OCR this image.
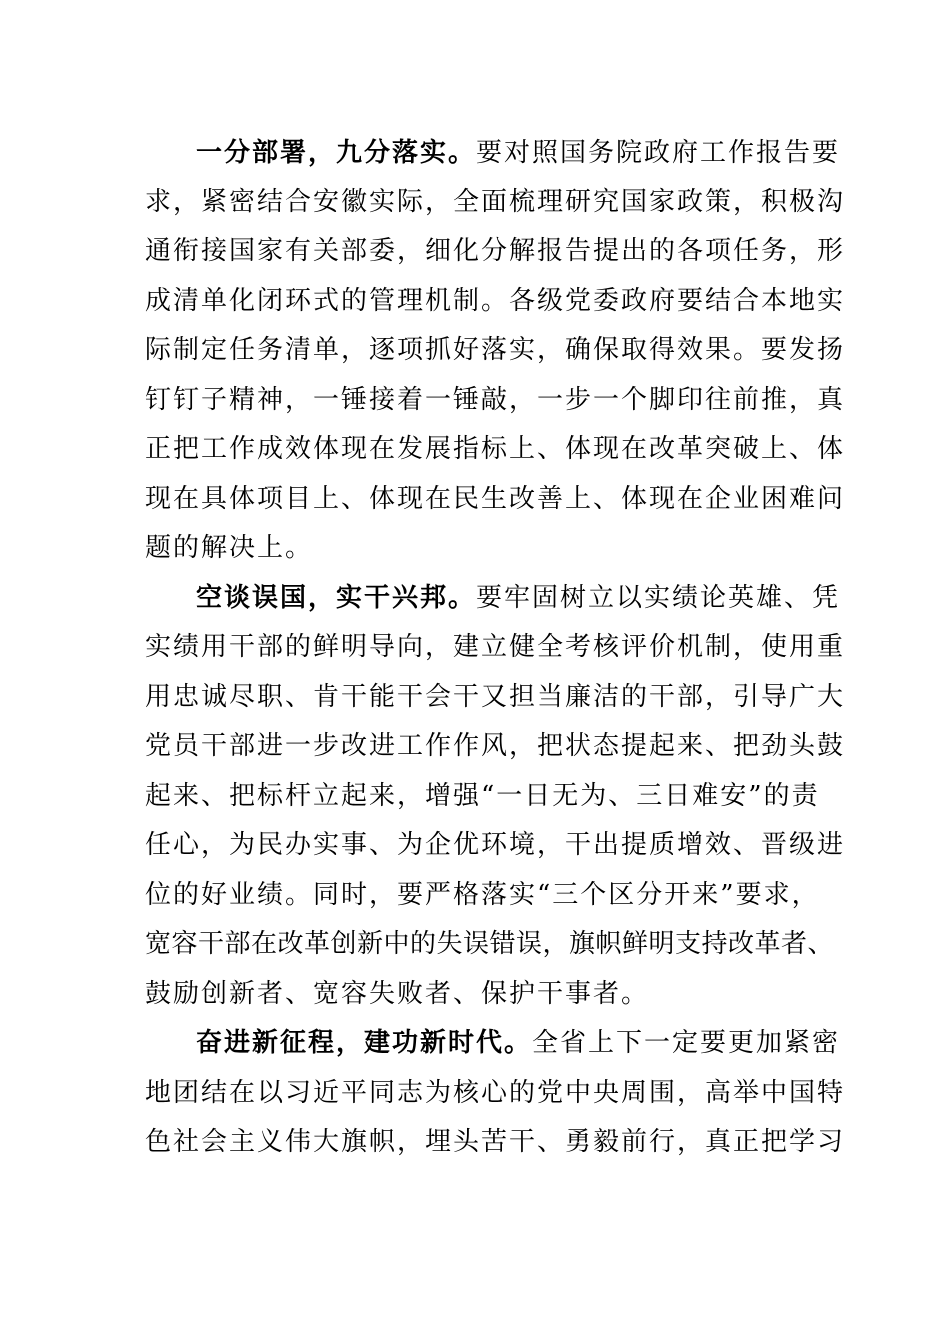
一分部署，九分落实。要对照国务院政府工作报告要
求，紧密结合安徽实际，全面梳理研究国家政策，积极沟
通衔接国家有关部委，细化分解报告提出的各项任务，形
成清单化闭环式的管理机制。各级党委政府要结合本地实
际制定任务清单，逐项抓好落实，确保取得效果。要发扬
钉钉子精神，一锤接着一锤敲，一步一个脚印往前推，真
正把工作成效体现在发展指标上、体现在改革突破上、体
现在具体项目上、体现在民生改善上、体现在企业困难问
题的解决上。
空谈误国，实干兴邦。要牢固树立以实绩论英雄、凭
实绩用干部的鲜明导向，建立健全考核评价机制，使用重
用忠诚尽职、肯干能干会干又担当廉洁的干部，引导广大
党员干部进一步改进工作作风，把状态提起来、把劲头鼓
起来、把标杆立起来，增强“一日无为、三日难安”的责
任心，为民办实事、为企优环境，干出提质增效、晋级进
位的好业绩。同时，要严格落实“三个区分开来”要求，
宽容干部在改革创新中的失误错误，旗帜鲜明支持改革者、
鼓励创新者、宽容失败者、保护干事者。
奋进新征程，建功新时代。全省上下一定要更加紧密
地团结在以习近平同志为核心的党中央周围，高举中国特
色社会主义伟大旗帜，埋头苦干、勇毅前行，真正把学习
